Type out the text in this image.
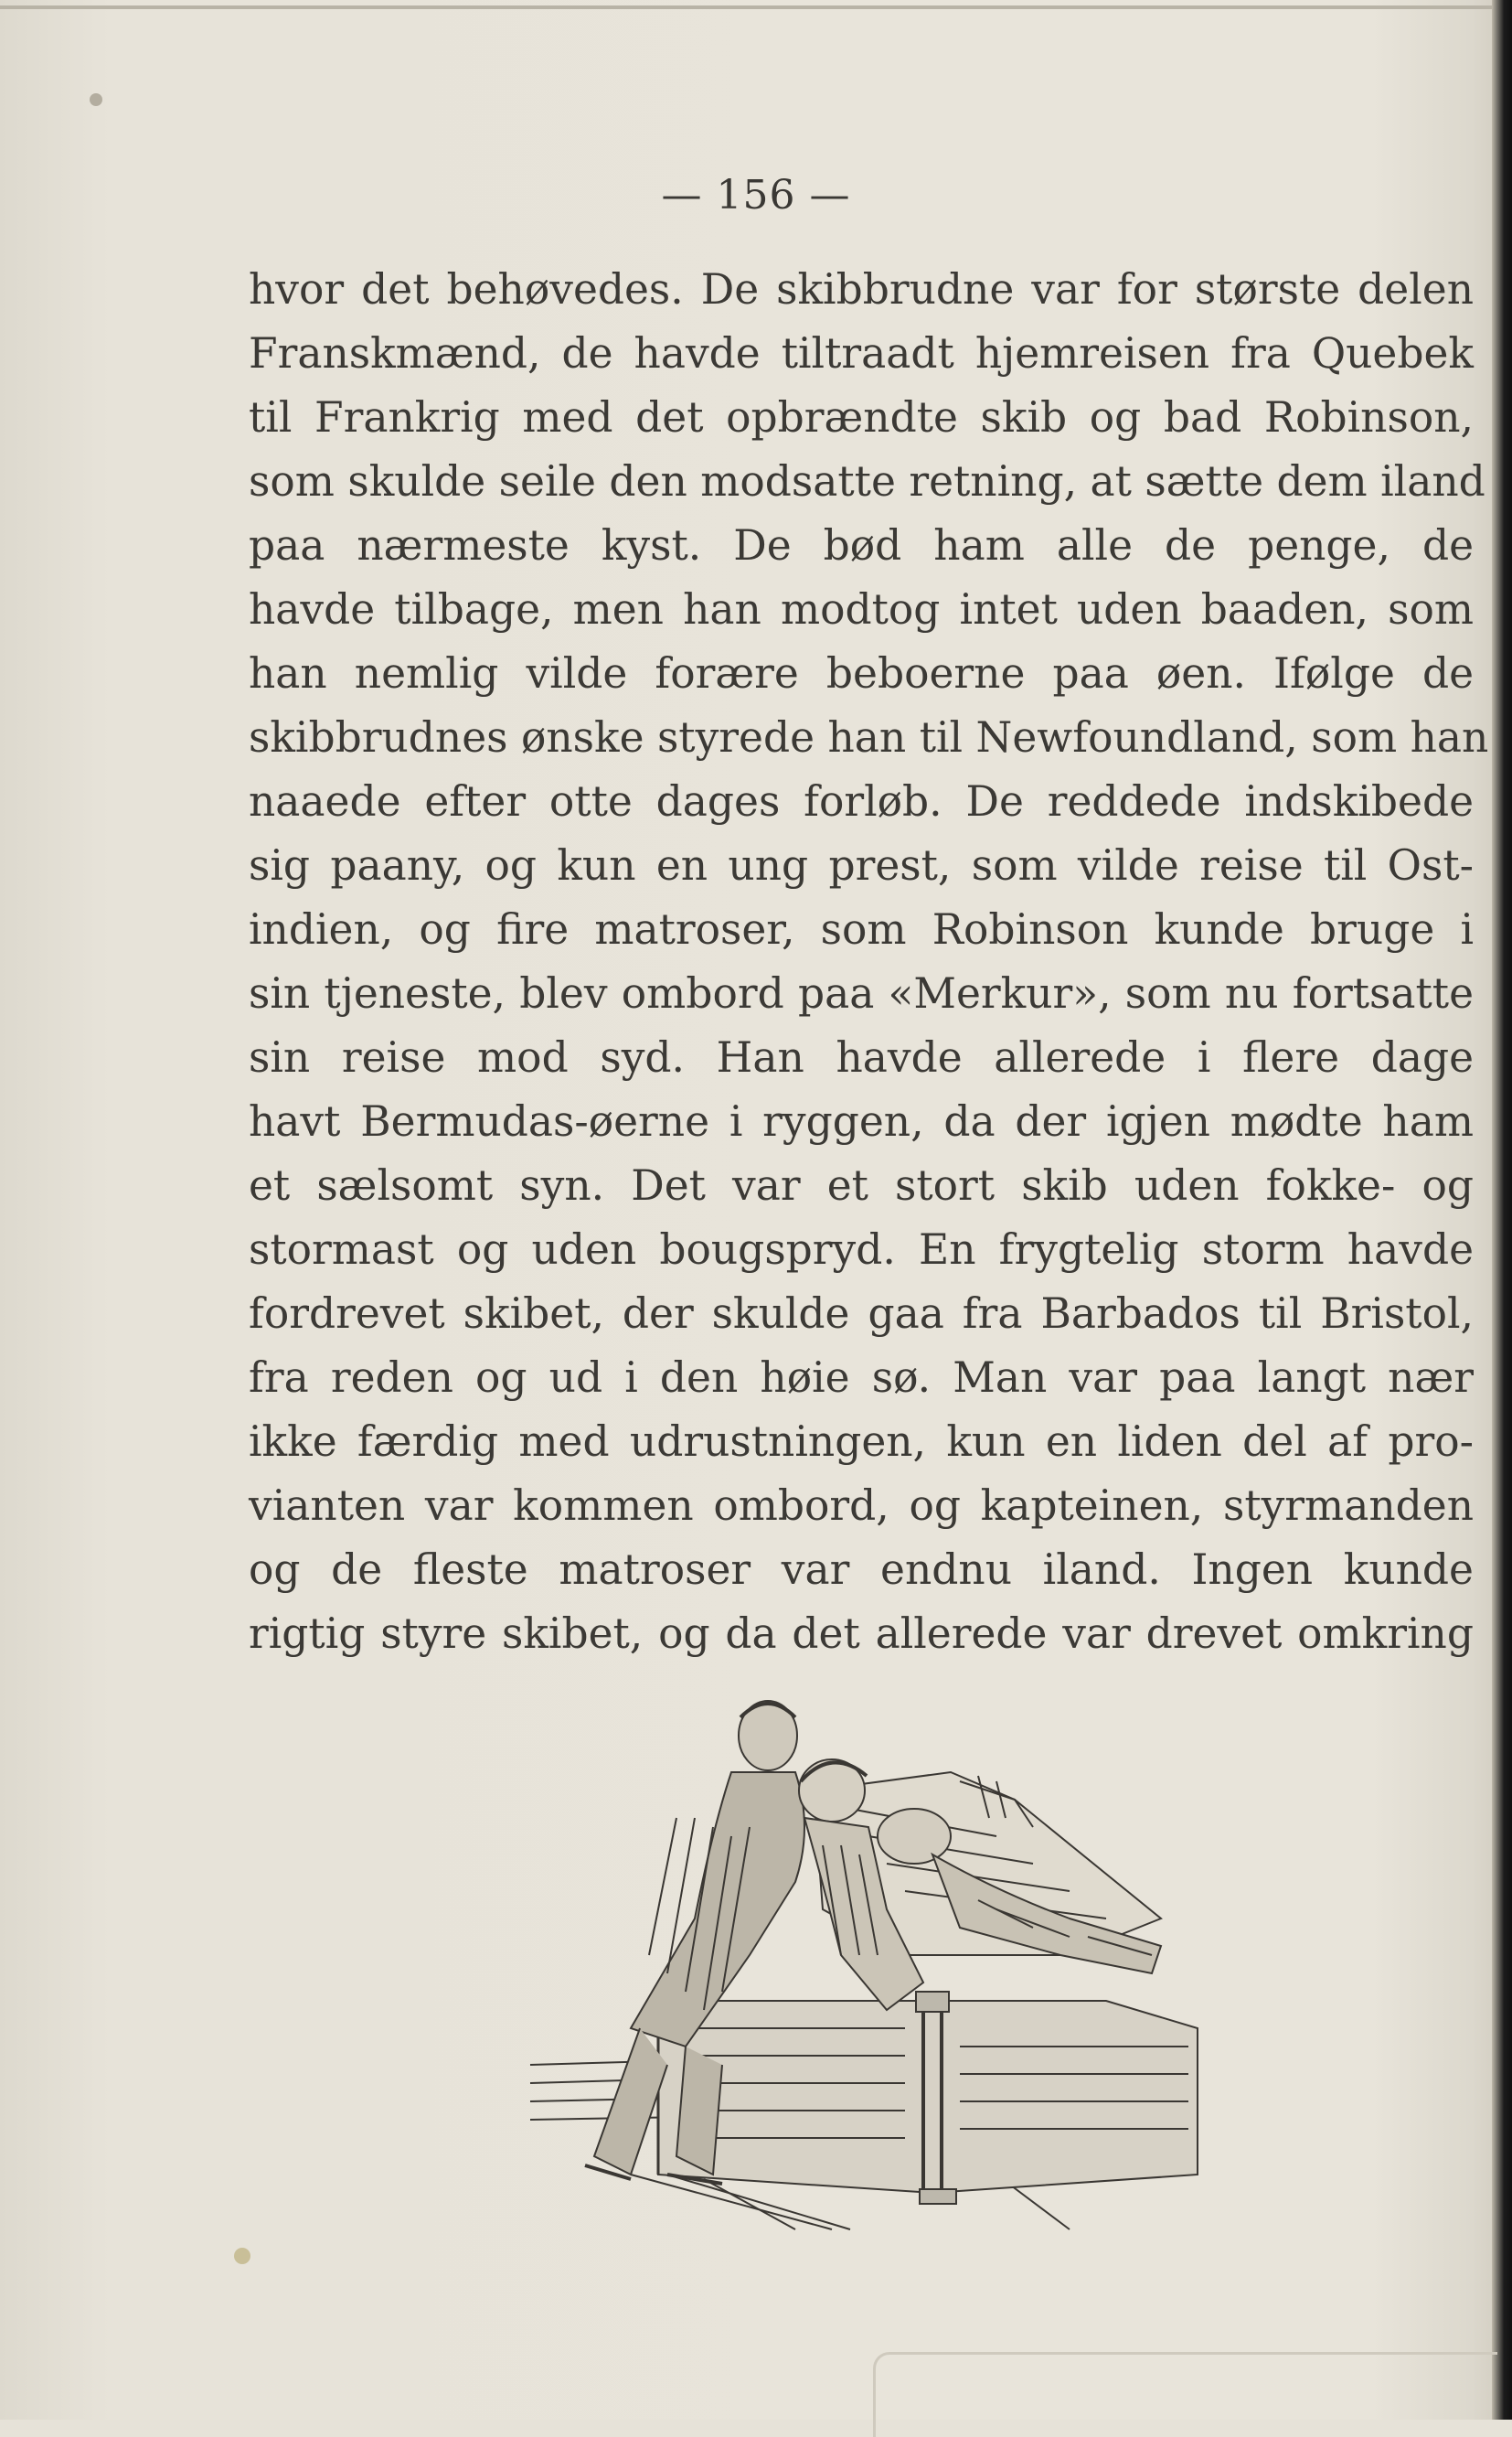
— 156 —
hvor det behøvedes. De skibbrudne var for største delen
Franskmænd, de havde tiltraadt hjemreisen fra Quebek
til Frankrig med det opbrændte skib og bad Robinson,
som skulde seile den modsatte retning, at sætte dem iland
paa nærmeste kyst. De bød ham alle de penge, de
havde tilbage, men han modtog intet uden baaden, som
han nemlig vilde forære beboerne paa øen. Ifølge de
skibbrudnes ønske styrede han til Newfoundland, som han
naaede efter otte dages forløb. De reddede indskibede
sig paany, og kun en ung prest, som vilde reise til Ost-
indien, og fire matroser, som Robinson kunde bruge i
sin tjeneste, blev ombord paa «Merkur», som nu fortsatte
sin reise mod syd. Han havde allerede i flere dage
havt Bermudas-øerne i ryggen, da der igjen mødte ham
et sælsomt syn. Det var et stort skib uden fokke- og
stormast og uden bougspryd. En frygtelig storm havde
fordrevet skibet, der skulde gaa fra Barbados til Bristol,
fra reden og ud i den høie sø. Man var paa langt nær
ikke færdig med udrustningen, kun en liden del af pro-
vianten var kommen ombord, og kapteinen, styrmanden
og de fleste matroser var endnu iland. Ingen kunde
rigtig styre skibet, og da det allerede var drevet omkring
